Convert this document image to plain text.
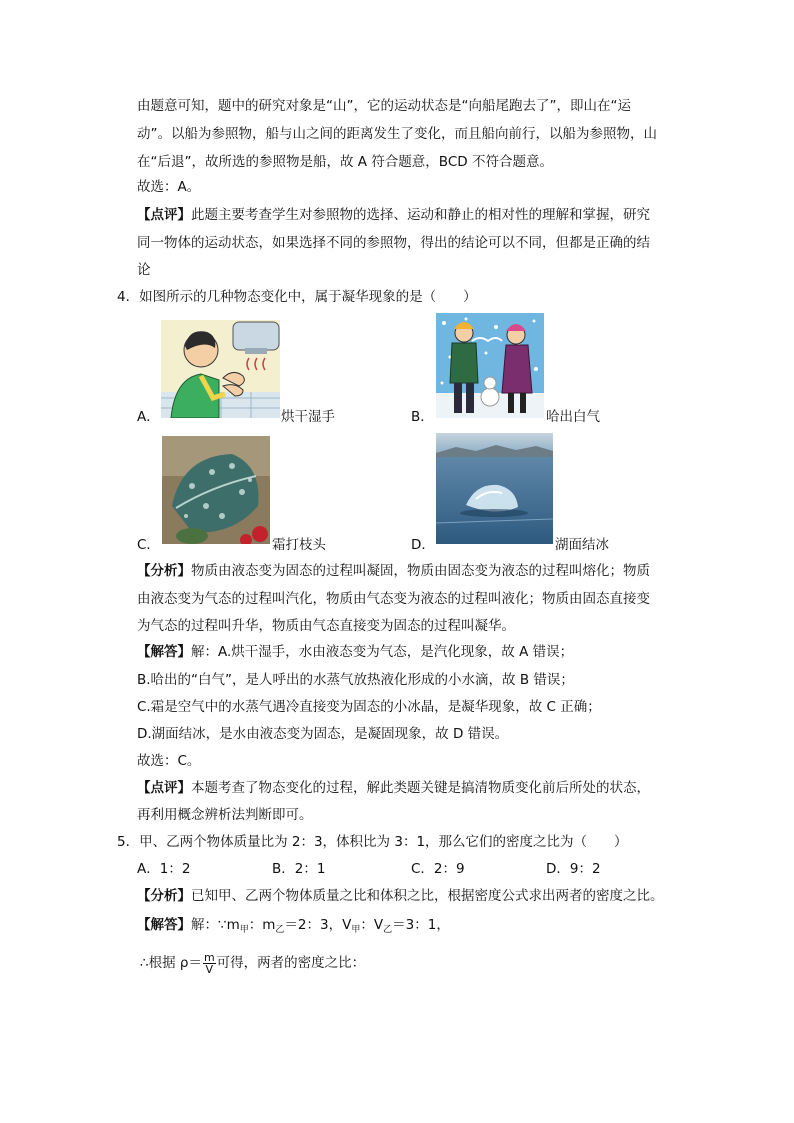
由题意可知，题中的研究对象是“山”，它的运动状态是“向船尾跑去了”，即山在“运
动”。以船为参照物，船与山之间的距离发生了变化，而且船向前行，以船为参照物，山
在“后退”，故所选的参照物是船，故 A 符合题意，BCD 不符合题意。
故选：A。
【点评】此题主要考查学生对参照物的选择、运动和静止的相对性的理解和掌握，研究
同一物体的运动状态，如果选择不同的参照物，得出的结论可以不同，但都是正确的结
论
4．如图所示的几种物态变化中，属于凝华现象的是（　　）
A．	烘干湿手	B．	哈出白气
C．	霜打枝头	D．	湖面结冰
【分析】物质由液态变为固态的过程叫凝固，物质由固态变为液态的过程叫熔化；物质
由液态变为气态的过程叫汽化，物质由气态变为液态的过程叫液化；物质由固态直接变
为气态的过程叫升华，物质由气态直接变为固态的过程叫凝华。
【解答】解：A.烘干湿手，水由液态变为气态，是汽化现象，故 A 错误；
B.哈出的“白气”，是人呼出的水蒸气放热液化形成的小水滴，故 B 错误；
C.霜是空气中的水蒸气遇冷直接变为固态的小冰晶，是凝华现象，故 C 正确；
D.湖面结冰，是水由液态变为固态，是凝固现象，故 D 错误。
故选：C。
【点评】本题考查了物态变化的过程，解此类题关键是搞清物质变化前后所处的状态，
再利用概念辨析法判断即可。
5．甲、乙两个物体质量比为 2：3，体积比为 3：1，那么它们的密度之比为（　　）
A．1：2	B．2：1	C．2：9	D．9：2
【分析】已知甲、乙两个物体质量之比和体积之比，根据密度公式求出两者的密度之比。
【解答】解：$\because m_甲$：$m_乙=2$：3，$V_甲$：$V_乙=3$：1，
∴根据 $\rho= \frac{m}{V}$ 可得，两者的密度之比：
